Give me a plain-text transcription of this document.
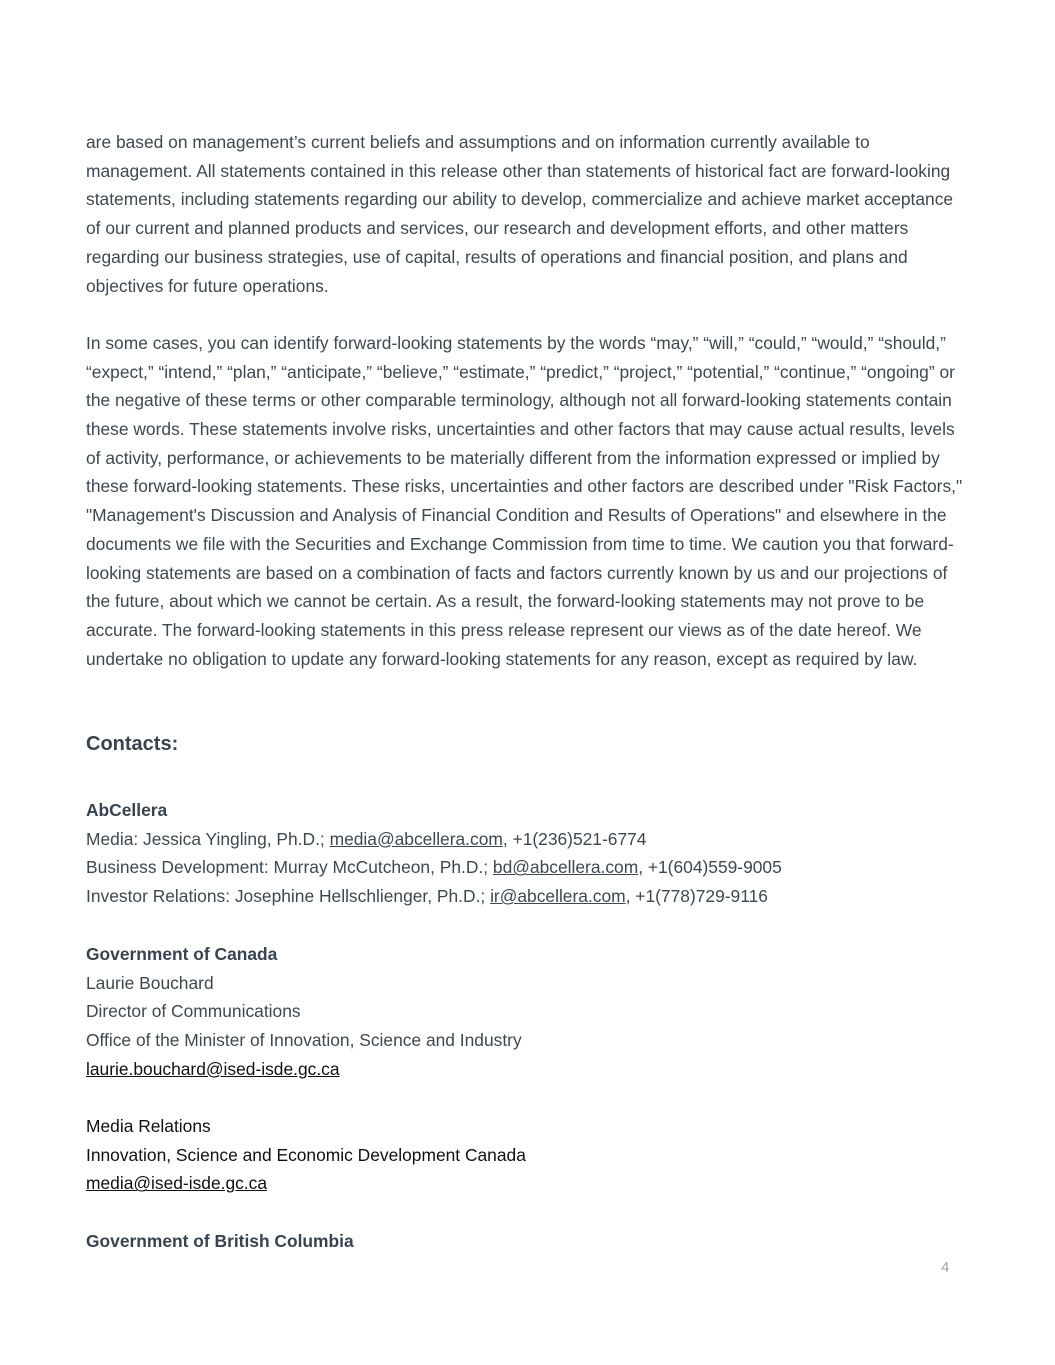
are based on management’s current beliefs and assumptions and on information currently available to management. All statements contained in this release other than statements of historical fact are forward-looking statements, including statements regarding our ability to develop, commercialize and achieve market acceptance of our current and planned products and services, our research and development efforts, and other matters regarding our business strategies, use of capital, results of operations and financial position, and plans and objectives for future operations.

In some cases, you can identify forward-looking statements by the words “may,” “will,” “could,” “would,” “should,” “expect,” “intend,” “plan,” “anticipate,” “believe,” “estimate,” “predict,” “project,” “potential,” “continue,” “ongoing” or the negative of these terms or other comparable terminology, although not all forward-looking statements contain these words. These statements involve risks, uncertainties and other factors that may cause actual results, levels of activity, performance, or achievements to be materially different from the information expressed or implied by these forward-looking statements. These risks, uncertainties and other factors are described under "Risk Factors," "Management's Discussion and Analysis of Financial Condition and Results of Operations" and elsewhere in the documents we file with the Securities and Exchange Commission from time to time. We caution you that forward-looking statements are based on a combination of facts and factors currently known by us and our projections of the future, about which we cannot be certain. As a result, the forward-looking statements may not prove to be accurate. The forward-looking statements in this press release represent our views as of the date hereof. We undertake no obligation to update any forward-looking statements for any reason, except as required by law.

Contacts:
AbCellera
Media: Jessica Yingling, Ph.D.; media@abcellera.com, +1(236)521-6774
Business Development: Murray McCutcheon, Ph.D.; bd@abcellera.com, +1(604)559-9005
Investor Relations: Josephine Hellschlienger, Ph.D.; ir@abcellera.com, +1(778)729-9116
Government of Canada
Laurie Bouchard
Director of Communications
Office of the Minister of Innovation, Science and Industry
laurie.bouchard@ised-isde.gc.ca
Media Relations
Innovation, Science and Economic Development Canada
media@ised-isde.gc.ca
Government of British Columbia
4
